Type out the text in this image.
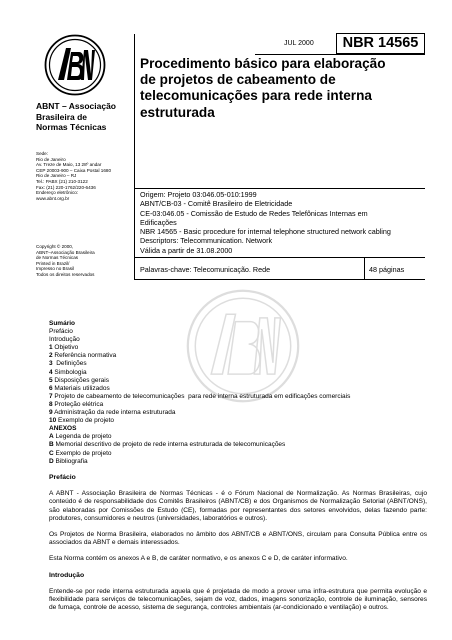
ABNT – Associação
Brasileira de
Normas Técnicas
Sede:
Rio de Janeiro
Av. Treze de Maio, 13 28º andar
CEP 20003-900 – Caixa Postal 1680
Rio de Janeiro – RJ
Tel.: PABX (21) 210-3122
Fax: (21) 220-1762/220-6436
Endereço eletrônico:
www.abnt.org.br
Copyright © 2000,
ABNT–Associação Brasileira
de Normas Técnicas
Printed in Brazil/
Impresso no Brasil
Todos os direitos reservados
JUL 2000	NBR 14565
Procedimento básico para elaboração
de projetos de cabeamento de
telecomunicações para rede interna
estruturada
Origem: Projeto 03:046.05-010:1999
ABNT/CB-03 - Comitê Brasileiro de Eletricidade
CE-03:046.05 - Comissão de Estudo de Redes Telefônicas Internas em
Edificações
NBR 14565 - Basic procedure for internal telephone structured network cabling
Descriptors: Telecommunication. Network
Válida a partir de 31.08.2000
Palavras-chave: Telecomunicação. Rede	48 páginas
Sumário
Prefácio
Introdução
1 Objetivo
2 Referência normativa
3  Definições
4 Simbologia
5 Disposições gerais
6 Materiais utilizados
7 Projeto de cabeamento de telecomunicações  para rede interna estruturada em edificações comerciais
8 Proteção elétrica
9 Administração da rede interna estruturada
10 Exemplo de projeto
ANEXOS
A Legenda de projeto
B Memorial descritivo de projeto de rede interna estruturada de telecomunicações
C Exemplo de projeto
D Bibliografia
Prefácio

A ABNT - Associação Brasileira de Normas Técnicas - é o Fórum Nacional de Normalização. As Normas Brasileiras, cujo conteúdo é de responsabilidade dos Comitês Brasileiros (ABNT/CB) e dos Organismos de Normalização Setorial (ABNT/ONS), são elaboradas por Comissões de Estudo (CE), formadas por representantes dos setores envolvidos, delas fazendo parte: produtores, consumidores e neutros (universidades, laboratórios e outros).

Os Projetos de Norma Brasileira, elaborados no âmbito dos ABNT/CB e ABNT/ONS, circulam para Consulta Pública entre os associados da ABNT e demais interessados.

Esta Norma contém os anexos A e B, de caráter normativo, e os anexos C e D, de caráter informativo.

Introdução

Entende-se por rede interna estruturada aquela que é projetada de modo a prover uma infra-estrutura que permita evolução e flexibilidade para serviços de telecomunicações, sejam de voz, dados, imagens sonorização, controle de iluminação, sensores de fumaça, controle de acesso, sistema de segurança, controles ambientais (ar-condicionado e ventilação) e outros.
